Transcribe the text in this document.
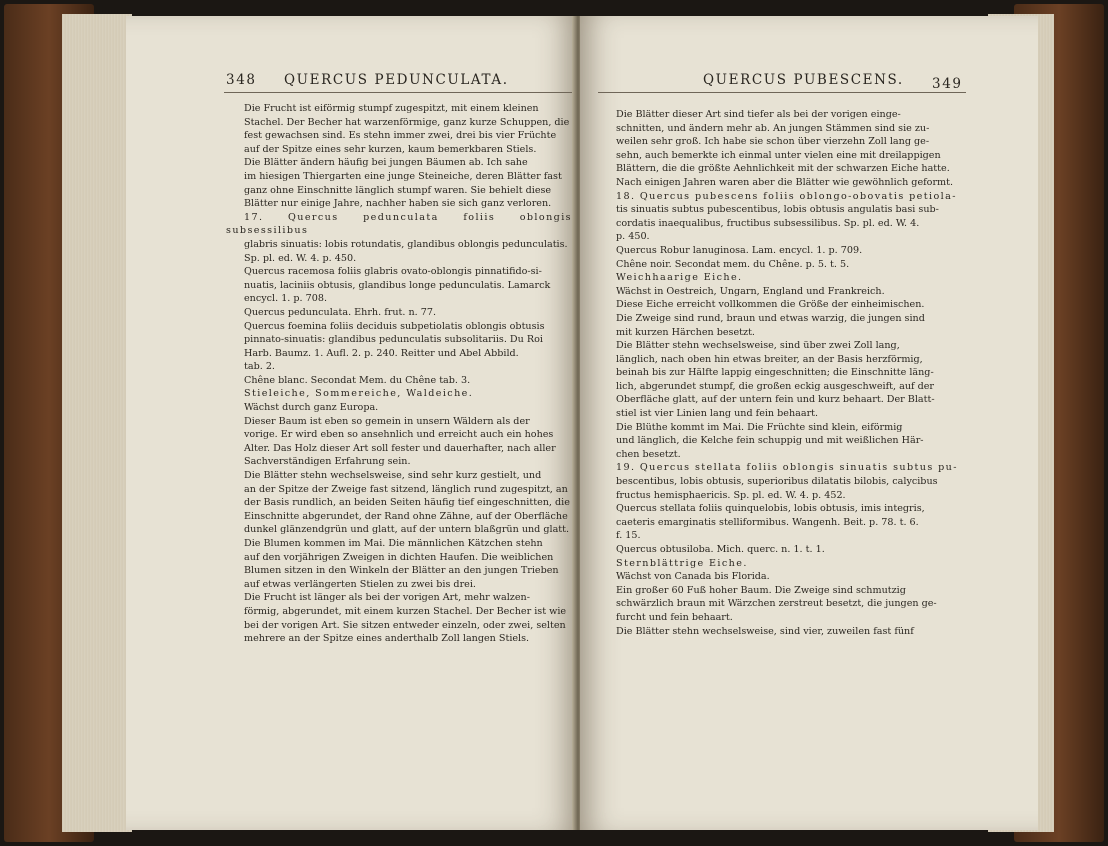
348 QUERCUS PEDUNCULATA.

Die Frucht ist eiförmig stumpf zugespitzt, mit einem kleinen

Stachel. Der Becher hat warzenförmige, ganz kurze Schuppen, die

fest gewachsen sind. Es stehn immer zwei, drei bis vier Früchte

auf der Spitze eines sehr kurzen, kaum bemerkbaren Stiels.

Die Blätter ändern häufig bei jungen Bäumen ab. Ich sahe

im hiesigen Thiergarten eine junge Steineiche, deren Blätter fast

ganz ohne Einschnitte länglich stumpf waren. Sie behielt diese

Blätter nur einige Jahre, nachher haben sie sich ganz verloren.

17. Quercus pedunculata foliis oblongis subsessilibus

glabris sinuatis: lobis rotundatis, glandibus oblongis pedunculatis.

Sp. pl. ed. W. 4. p. 450.

Quercus racemosa foliis glabris ovato-oblongis pinnatifido-si-

nuatis, laciniis obtusis, glandibus longe pedunculatis. Lamarck

encycl. 1. p. 708.

Quercus pedunculata. Ehrh. frut. n. 77.

Quercus foemina foliis deciduis subpetiolatis oblongis obtusis

pinnato-sinuatis: glandibus pedunculatis subsolitariis. Du Roi

Harb. Baumz. 1. Aufl. 2. p. 240. Reitter und Abel Abbild.

tab. 2.

Chêne blanc. Secondat Mem. du Chêne tab. 3.

Stieleiche, Sommereiche, Waldeiche.

Wächst durch ganz Europa.

Dieser Baum ist eben so gemein in unsern Wäldern als der

vorige. Er wird eben so ansehnlich und erreicht auch ein hohes

Alter. Das Holz dieser Art soll fester und dauerhafter, nach aller

Sachverständigen Erfahrung sein.

Die Blätter stehn wechselsweise, sind sehr kurz gestielt, und

an der Spitze der Zweige fast sitzend, länglich rund zugespitzt, an

der Basis rundlich, an beiden Seiten häufig tief eingeschnitten, die

Einschnitte abgerundet, der Rand ohne Zähne, auf der Oberfläche

dunkel glänzendgrün und glatt, auf der untern blaßgrün und glatt.

Die Blumen kommen im Mai. Die männlichen Kätzchen stehn

auf den vorjährigen Zweigen in dichten Haufen. Die weiblichen

Blumen sitzen in den Winkeln der Blätter an den jungen Trieben

auf etwas verlängerten Stielen zu zwei bis drei.

Die Frucht ist länger als bei der vorigen Art, mehr walzen-

förmig, abgerundet, mit einem kurzen Stachel. Der Becher ist wie

bei der vorigen Art. Sie sitzen entweder einzeln, oder zwei, selten

mehrere an der Spitze eines anderthalb Zoll langen Stiels.

QUERCUS PUBESCENS. 349

Die Blätter dieser Art sind tiefer als bei der vorigen einge-

schnitten, und ändern mehr ab. An jungen Stämmen sind sie zu-

weilen sehr groß. Ich habe sie schon über vierzehn Zoll lang ge-

sehn, auch bemerkte ich einmal unter vielen eine mit dreilappigen

Blättern, die die größte Aehnlichkeit mit der schwarzen Eiche hatte.

Nach einigen Jahren waren aber die Blätter wie gewöhnlich geformt.

18. Quercus pubescens foliis oblongo-obovatis petiola-

tis sinuatis subtus pubescentibus, lobis obtusis angulatis basi sub-

cordatis inaequalibus, fructibus subsessilibus. Sp. pl. ed. W. 4.

p. 450.

Quercus Robur lanuginosa. Lam. encycl. 1. p. 709.

Chêne noir. Secondat mem. du Chêne. p. 5. t. 5.

Weichhaarige Eiche.

Wächst in Oestreich, Ungarn, England und Frankreich.

Diese Eiche erreicht vollkommen die Größe der einheimischen.

Die Zweige sind rund, braun und etwas warzig, die jungen sind

mit kurzen Härchen besetzt.

Die Blätter stehn wechselsweise, sind über zwei Zoll lang,

länglich, nach oben hin etwas breiter, an der Basis herzförmig,

beinah bis zur Hälfte lappig eingeschnitten; die Einschnitte läng-

lich, abgerundet stumpf, die großen eckig ausgeschweift, auf der

Oberfläche glatt, auf der untern fein und kurz behaart. Der Blatt-

stiel ist vier Linien lang und fein behaart.

Die Blüthe kommt im Mai. Die Früchte sind klein, eiförmig

und länglich, die Kelche fein schuppig und mit weißlichen Här-

chen besetzt.

19. Quercus stellata foliis oblongis sinuatis subtus pu-

bescentibus, lobis obtusis, superioribus dilatatis bilobis, calycibus

fructus hemisphaericis. Sp. pl. ed. W. 4. p. 452.

Quercus stellata foliis quinquelobis, lobis obtusis, imis integris,

caeteris emarginatis stelliformibus. Wangenh. Beit. p. 78. t. 6.

f. 15.

Quercus obtusiloba. Mich. querc. n. 1. t. 1.

Sternblättrige Eiche.

Wächst von Canada bis Florida.

Ein großer 60 Fuß hoher Baum. Die Zweige sind schmutzig

schwärzlich braun mit Wärzchen zerstreut besetzt, die jungen ge-

furcht und fein behaart.

Die Blätter stehn wechselsweise, sind vier, zuweilen fast fünf
